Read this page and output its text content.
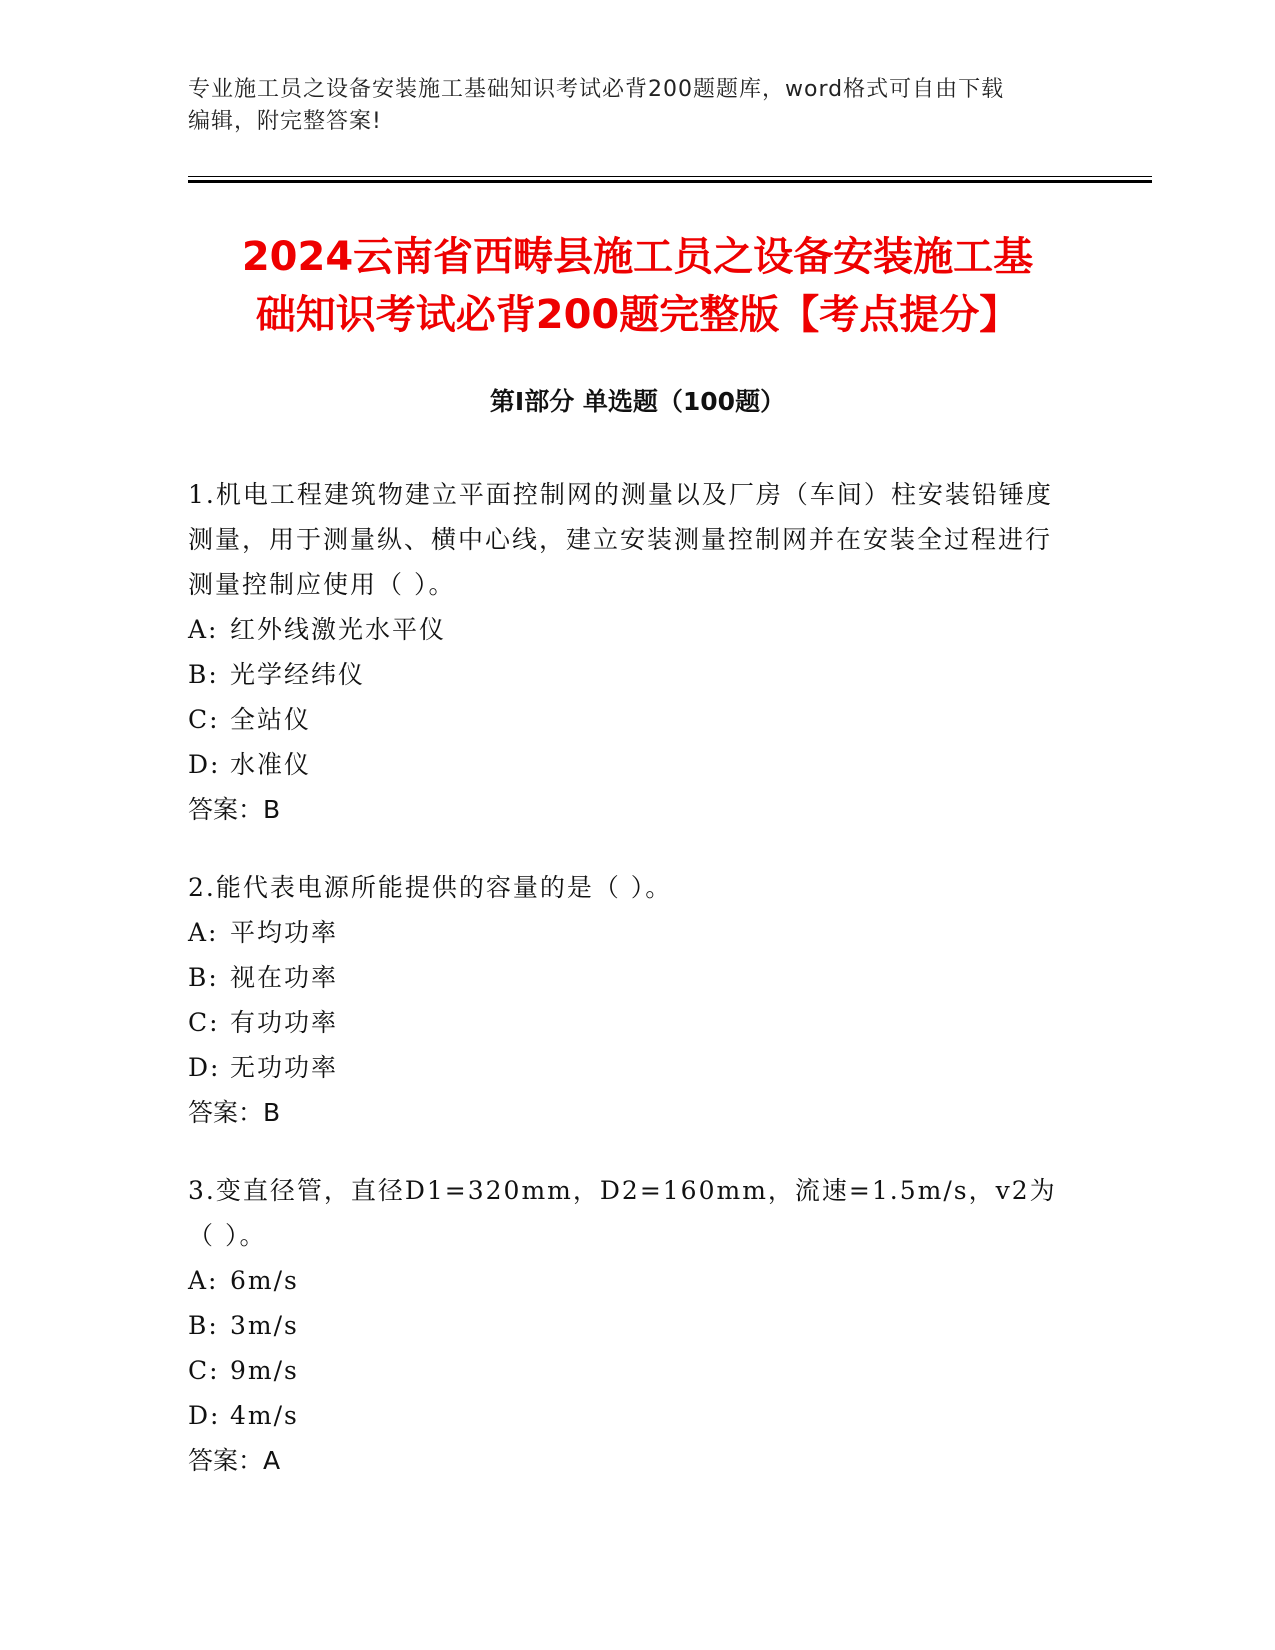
专业施工员之设备安装施工基础知识考试必背200题题库，word格式可自由下载
编辑，附完整答案!
2024云南省西畴县施工员之设备安装施工基
础知识考试必背200题完整版【考点提分】
第I部分 单选题（100题）

1.机电工程建筑物建立平面控制网的测量以及厂房（车间）柱安装铅锤度测量，用于测量纵、横中心线，建立安装测量控制网并在安装全过程进行测量控制应使用（ ）。

A: 红外线激光水平仪

B: 光学经纬仪

C: 全站仪

D: 水准仪

答案：B

2.能代表电源所能提供的容量的是（ ）。

A: 平均功率

B: 视在功率

C: 有功功率

D: 无功功率

答案：B

3.变直径管，直径D1=320mm，D2=160mm，流速=1.5m/s，v2为（ ）。

A: 6m/s

B: 3m/s

C: 9m/s

D: 4m/s

答案：A
